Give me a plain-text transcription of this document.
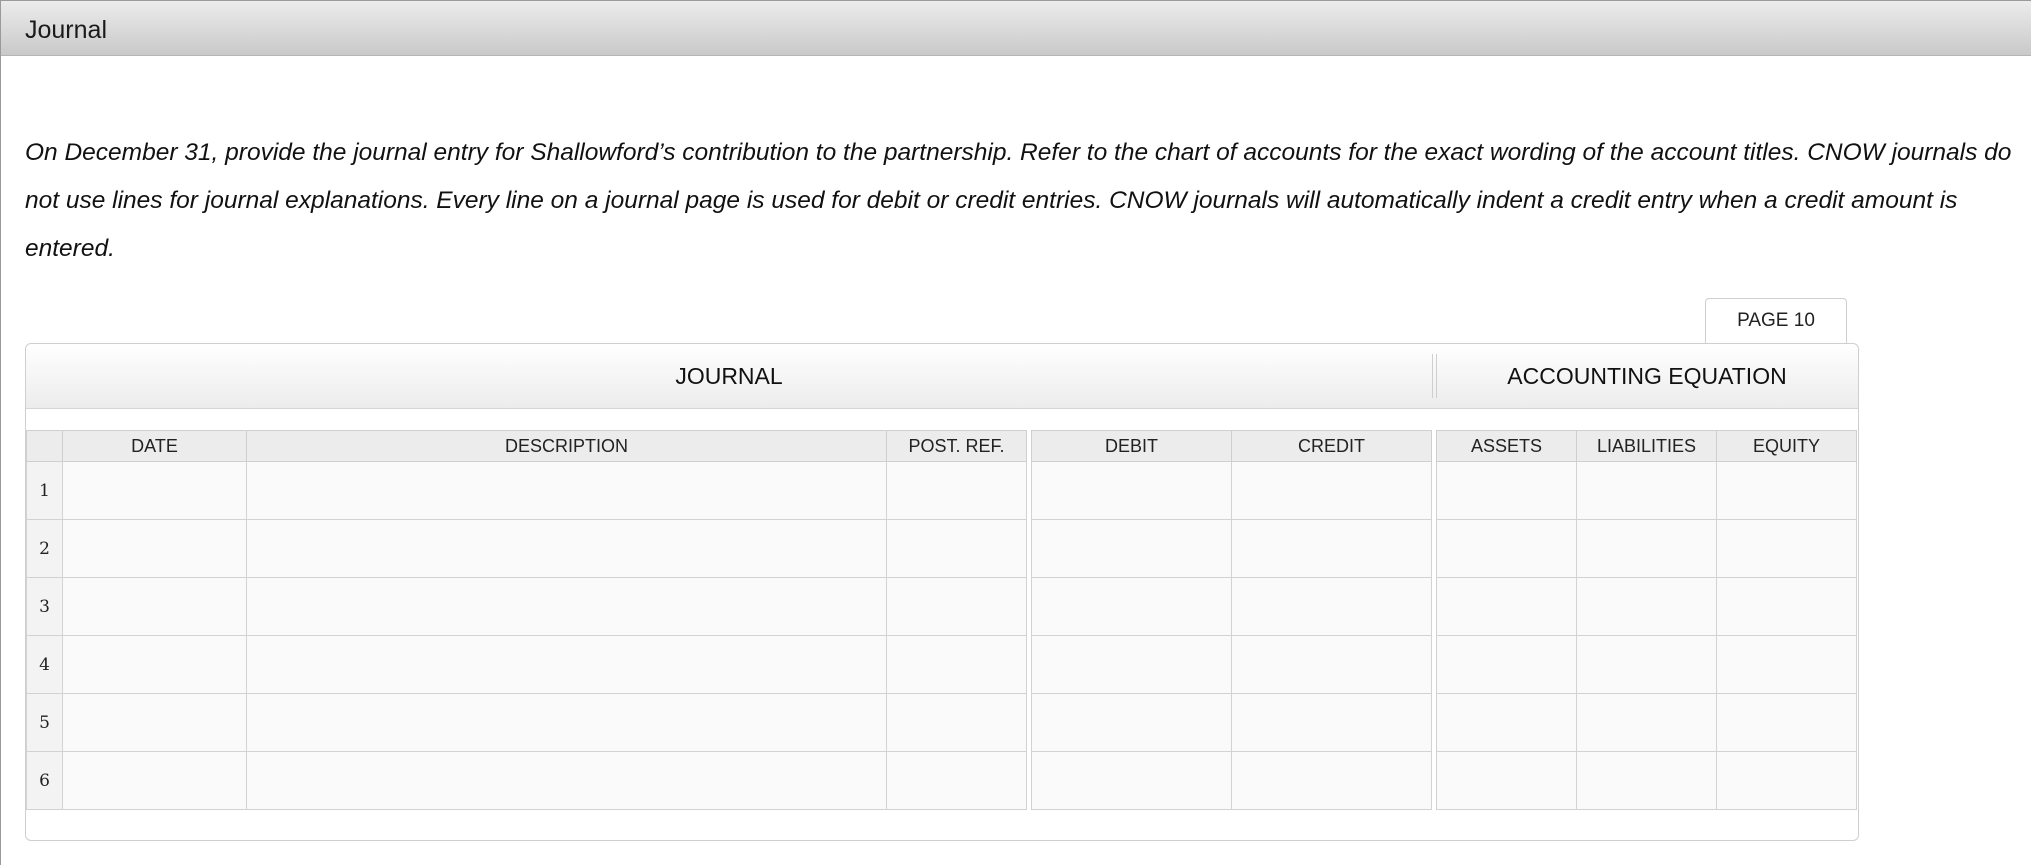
Journal
On December 31, provide the journal entry for Shallowford’s contribution to the partnership. Refer to the chart of accounts for the exact wording of the account titles. CNOW journals do not use lines for journal explanations. Every line on a journal page is used for debit or credit entries. CNOW journals will automatically indent a credit entry when a credit amount is entered.
PAGE 10
JOURNAL	ACCOUNTING EQUATION
	DATE	DESCRIPTION	POST. REF.		DEBIT	CREDIT		ASSETS	LIABILITIES	EQUITY
1										
2										
3										
4										
5										
6										
